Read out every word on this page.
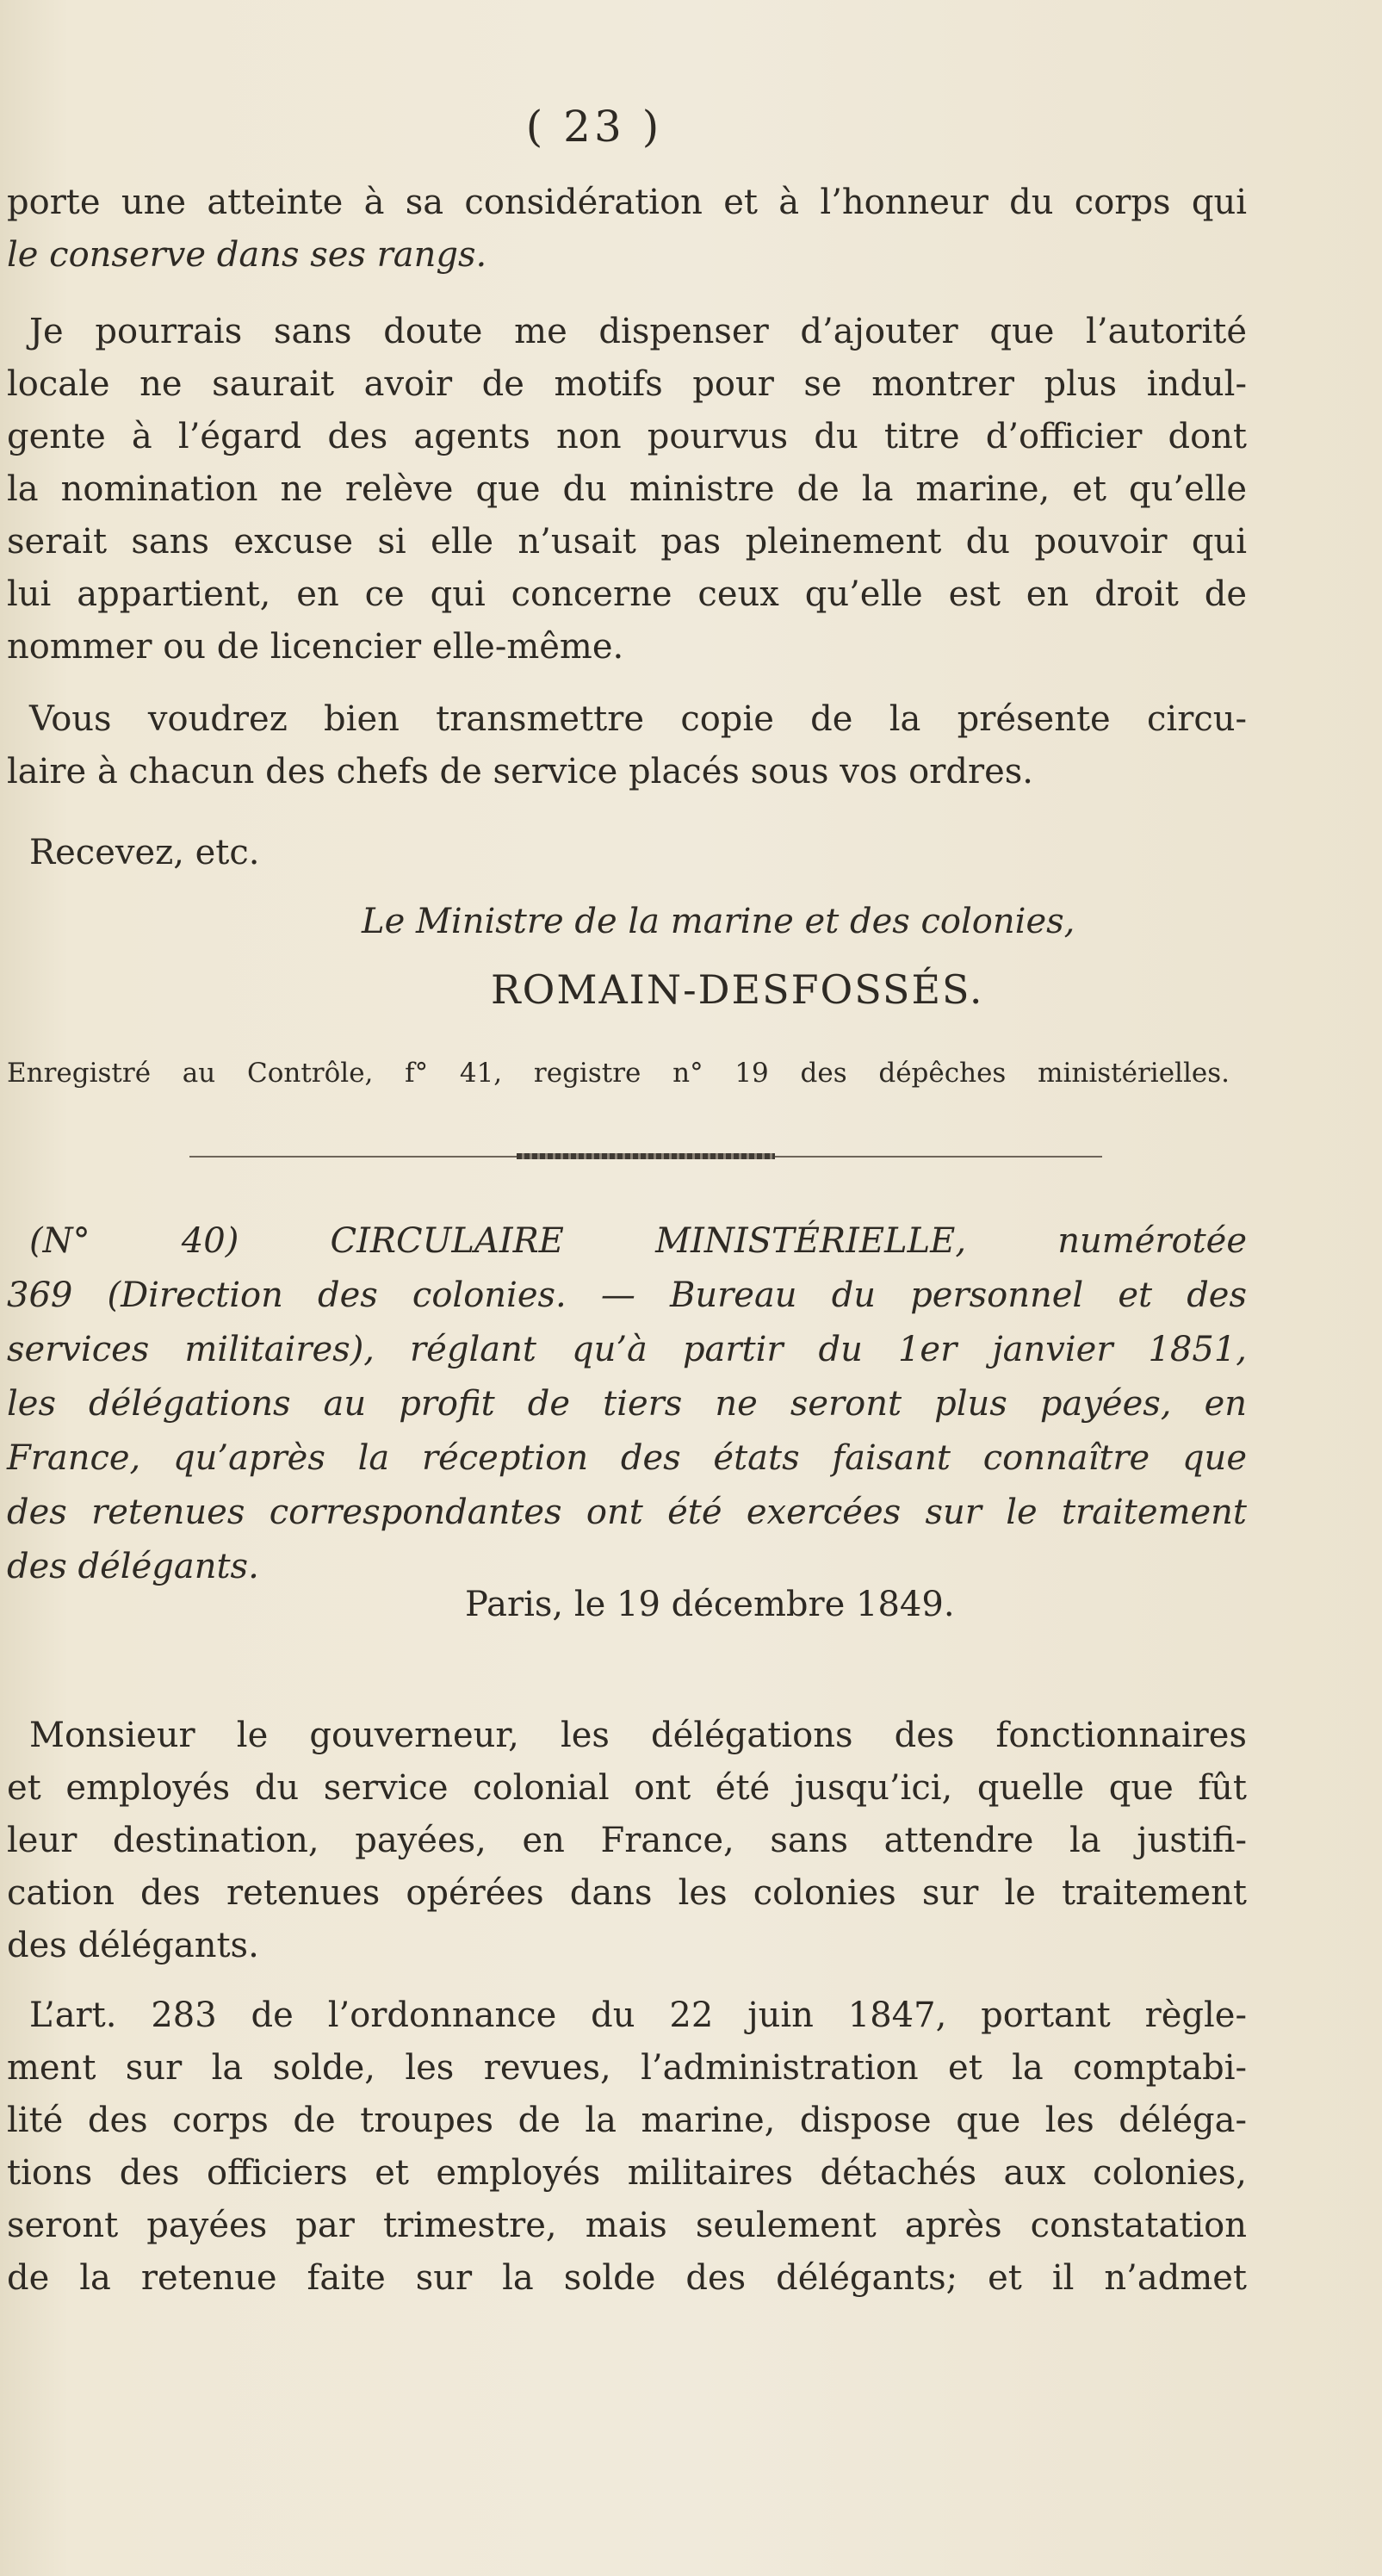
( 23 )
porte une atteinte à sa considération et à l’honneur du corps qui
le conserve dans ses rangs.
Je pourrais sans doute me dispenser d’ajouter que l’autorité
locale ne saurait avoir de motifs pour se montrer plus indul-
gente à l’égard des agents non pourvus du titre d’officier dont
la nomination ne relève que du ministre de la marine, et qu’elle
serait sans excuse si elle n’usait pas pleinement du pouvoir qui
lui appartient, en ce qui concerne ceux qu’elle est en droit de
nommer ou de licencier elle-même.
Vous voudrez bien transmettre copie de la présente circu-
laire à chacun des chefs de service placés sous vos ordres.
Recevez, etc.
Le Ministre de la marine et des colonies,
ROMAIN-DESFOSSÉS.
Enregistré au Contrôle, f° 41, registre n° 19 des dépêches ministérielles.
(N° 40) CIRCULAIRE MINISTÉRIELLE, numérotée
369 (Direction des colonies. — Bureau du personnel et des
services militaires), réglant qu’à partir du 1er janvier 1851,
les délégations au profit de tiers ne seront plus payées, en
France, qu’après la réception des états faisant connaître que
des retenues correspondantes ont été exercées sur le traitement
des délégants.
Paris, le 19 décembre 1849.
Monsieur le gouverneur, les délégations des fonctionnaires
et employés du service colonial ont été jusqu’ici, quelle que fût
leur destination, payées, en France, sans attendre la justifi-
cation des retenues opérées dans les colonies sur le traitement
des délégants.
L’art. 283 de l’ordonnance du 22 juin 1847, portant règle-
ment sur la solde, les revues, l’administration et la comptabi-
lité des corps de troupes de la marine, dispose que les déléga-
tions des officiers et employés militaires détachés aux colonies,
seront payées par trimestre, mais seulement après constatation
de la retenue faite sur la solde des délégants; et il n’admet
